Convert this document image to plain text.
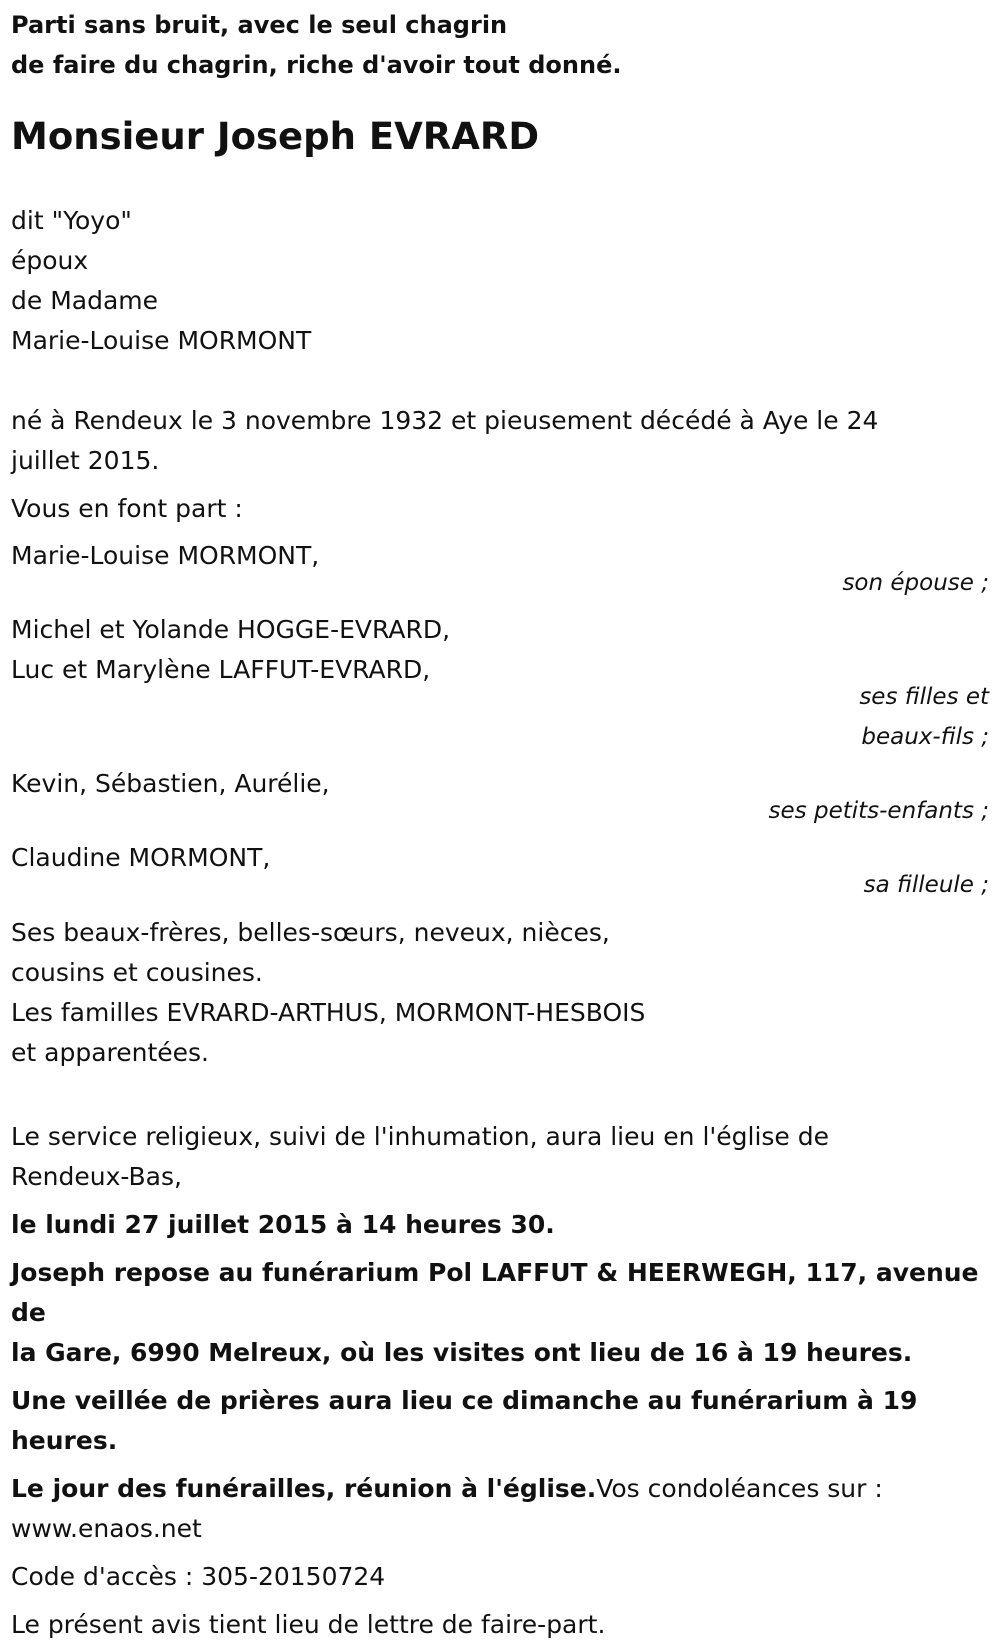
Parti sans bruit, avec le seul chagrin
de faire du chagrin, riche d'avoir tout donné.
Monsieur Joseph EVRARD
dit "Yoyo"
époux
de Madame
Marie-Louise MORMONT
né à Rendeux le 3 novembre 1932 et pieusement décédé à Aye le 24
juillet 2015.
Vous en font part :
Marie-Louise MORMONT,
son épouse ;
Michel et Yolande HOGGE-EVRARD,
Luc et Marylène LAFFUT-EVRARD,
ses filles et
beaux-fils ;
Kevin, Sébastien, Aurélie,
ses petits-enfants ;
Claudine MORMONT,
sa filleule ;
Ses beaux-frères, belles-sœurs, neveux, nièces,
cousins et cousines.
Les familles EVRARD-ARTHUS, MORMONT-HESBOIS
et apparentées.
Le service religieux, suivi de l'inhumation, aura lieu en l'église de
Rendeux-Bas,
le lundi 27 juillet 2015 à 14 heures 30.
Joseph repose au funérarium Pol LAFFUT & HEERWEGH, 117, avenue de
la Gare, 6990 Melreux, où les visites ont lieu de 16 à 19 heures.
Une veillée de prières aura lieu ce dimanche au funérarium à 19
heures.
Le jour des funérailles, réunion à l'église.Vos condoléances sur :
www.enaos.net
Code d'accès : 305-20150724
Le présent avis tient lieu de lettre de faire-part.
